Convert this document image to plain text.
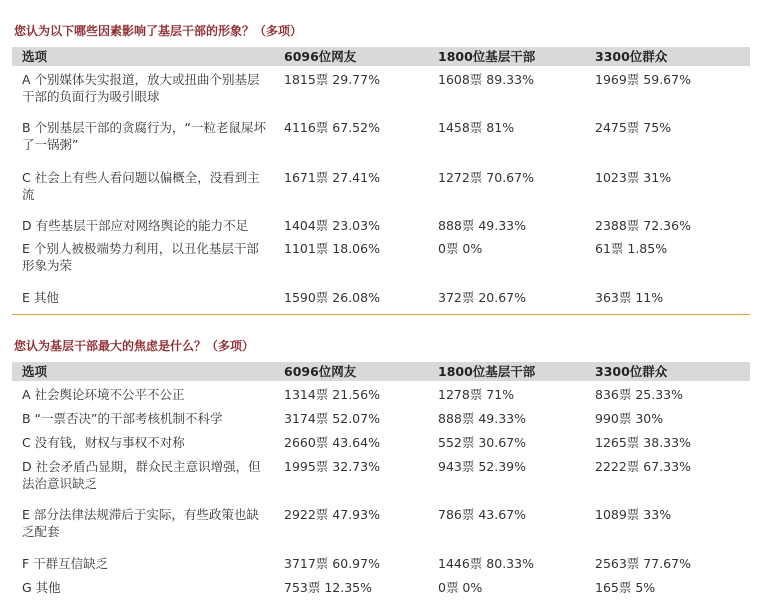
您认为以下哪些因素影响了基层干部的形象？（多项）
选项	6096位网友	1800位基层干部	3300位群众
A 个别媒体失实报道，放大或扭曲个别基层干部的负面行为吸引眼球
1815票 29.77%	1608票 89.33%	1969票 59.67%
B 个别基层干部的贪腐行为，“一粒老鼠屎坏了一锅粥”
4116票 67.52%	1458票 81%	2475票 75%
C 社会上有些人看问题以偏概全，没看到主流
1671票 27.41%	1272票 70.67%	1023票 31%
D 有些基层干部应对网络舆论的能力不足	1404票 23.03%	888票 49.33%	2388票 72.36%
E 个别人被极端势力利用，以丑化基层干部形象为荣
1101票 18.06%	0票 0%	61票 1.85%
E 其他	1590票 26.08%	372票 20.67%	363票 11%
您认为基层干部最大的焦虑是什么？（多项）
选项	6096位网友	1800位基层干部	3300位群众
A 社会舆论环境不公平不公正	1314票 21.56%	1278票 71%	836票 25.33%
B “一票否决”的干部考核机制不科学	3174票 52.07%	888票 49.33%	990票 30%
C 没有钱，财权与事权不对称	2660票 43.64%	552票 30.67%	1265票 38.33%
D 社会矛盾凸显期，群众民主意识增强，但法治意识缺乏
1995票 32.73%	943票 52.39%	2222票 67.33%
E 部分法律法规滞后于实际，有些政策也缺乏配套
2922票 47.93%	786票 43.67%	1089票 33%
F 干群互信缺乏	3717票 60.97%	1446票 80.33%	2563票 77.67%
G 其他	753票 12.35%	0票 0%	165票 5%
